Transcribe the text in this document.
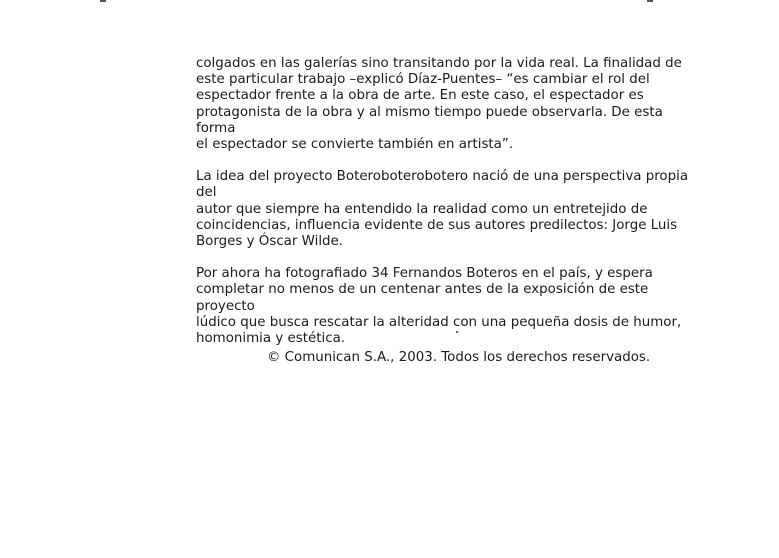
colgados en las galerías sino transitando por la vida real. La finalidad de
este particular trabajo –explicó Díaz-Puentes– “es cambiar el rol del
espectador frente a la obra de arte. En este caso, el espectador es
protagonista de la obra y al mismo tiempo puede observarla. De esta forma
el espectador se convierte también en artista”.

La idea del proyecto Boteroboterobotero nació de una perspectiva propia del
autor que siempre ha entendido la realidad como un entretejido de
coincidencias, influencia evidente de sus autores predilectos: Jorge Luis
Borges y Óscar Wilde.

Por ahora ha fotografiado 34 Fernandos Boteros en el país, y espera
completar no menos de un centenar antes de la exposición de este proyecto
lúdico que busca rescatar la alteridad con una pequeña dosis de humor,
homonimia y estética.

© Comunican S.A., 2003. Todos los derechos reservados.
